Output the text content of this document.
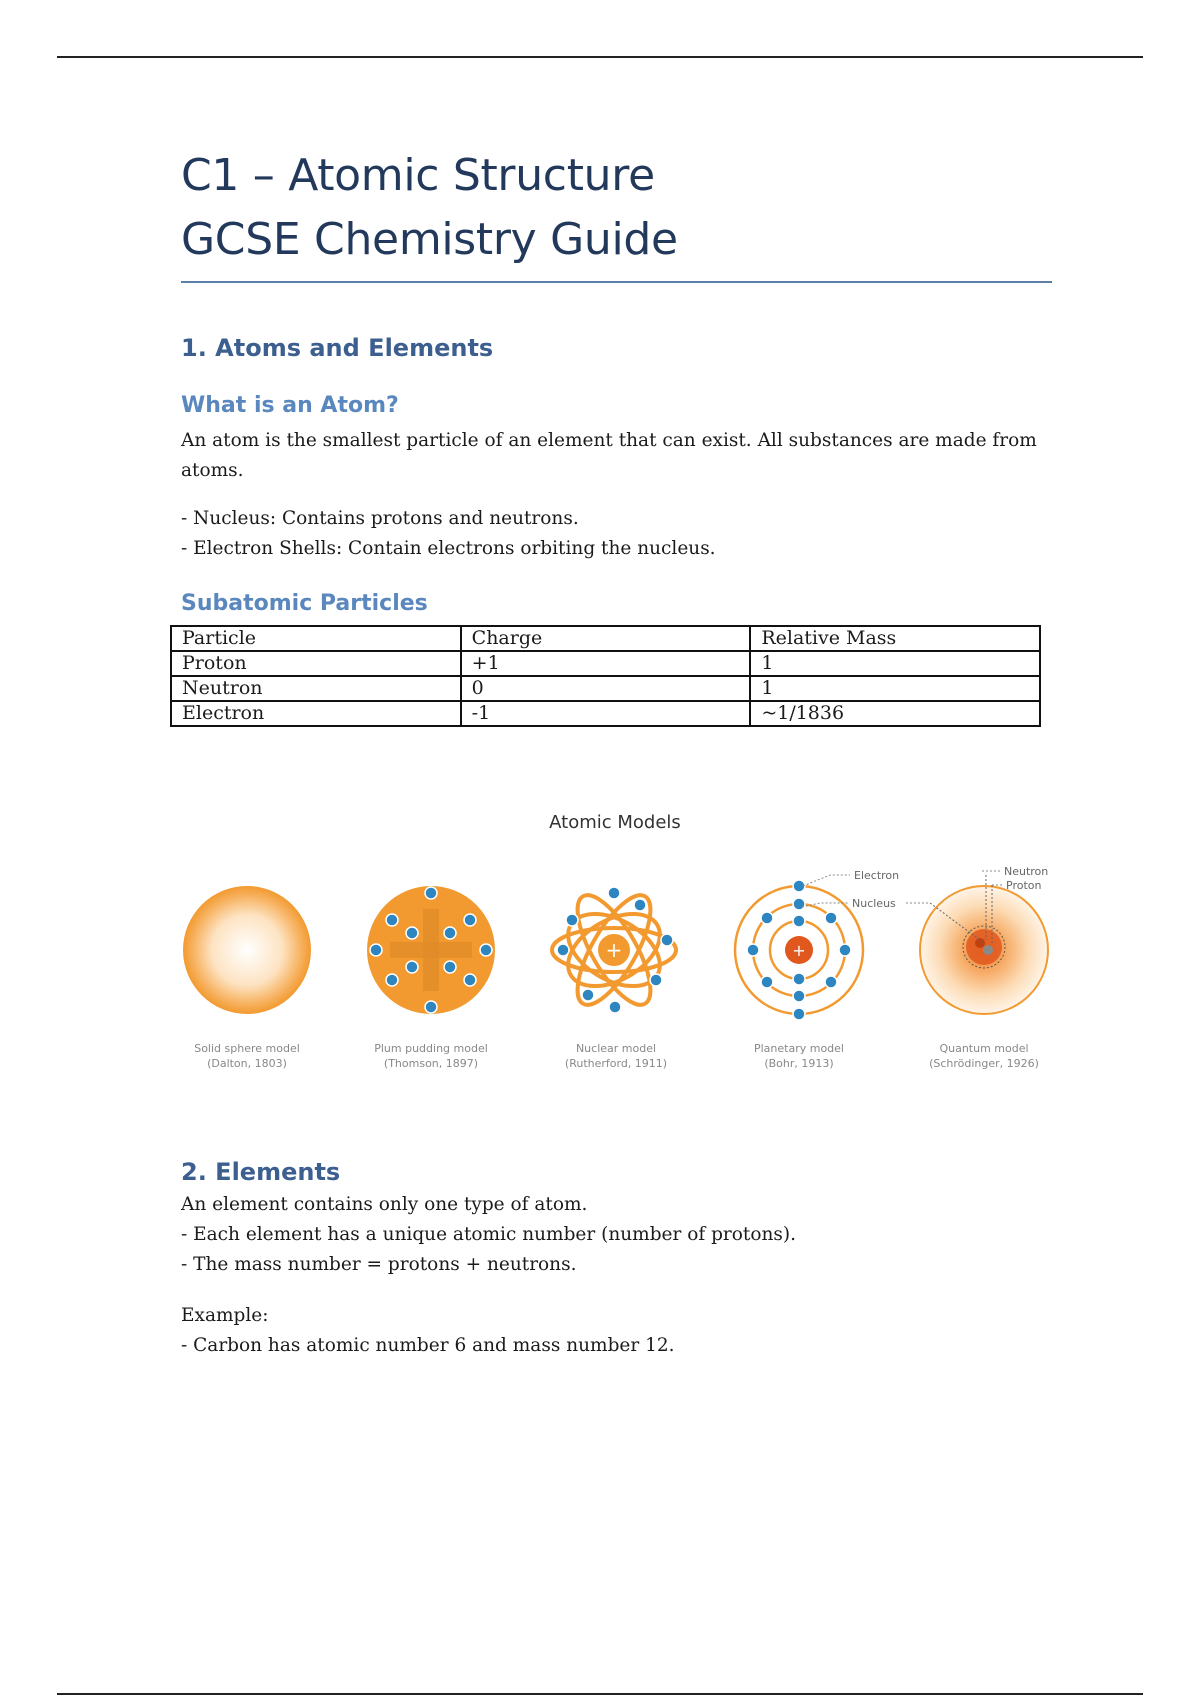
C1 – Atomic Structure
GCSE Chemistry Guide
1. Atoms and Elements
What is an Atom?
An atom is the smallest particle of an element that can exist. All substances are made from atoms.
- Nucleus: Contains protons and neutrons.
- Electron Shells: Contain electrons orbiting the nucleus.
Subatomic Particles
Particle	Charge	Relative Mass
Proton	+1	1
Neutron	0	1
Electron	-1	~1/1836
Atomic Models
+	+
Electron
Nucleus
Neutron
Proton
Solid sphere model
(Dalton, 1803)
Plum pudding model
(Thomson, 1897)
Nuclear model
(Rutherford, 1911)
Planetary model
(Bohr, 1913)
Quantum model
(Schrödinger, 1926)
2. Elements
An element contains only one type of atom.
- Each element has a unique atomic number (number of protons).
- The mass number = protons + neutrons.
Example:
- Carbon has atomic number 6 and mass number 12.
